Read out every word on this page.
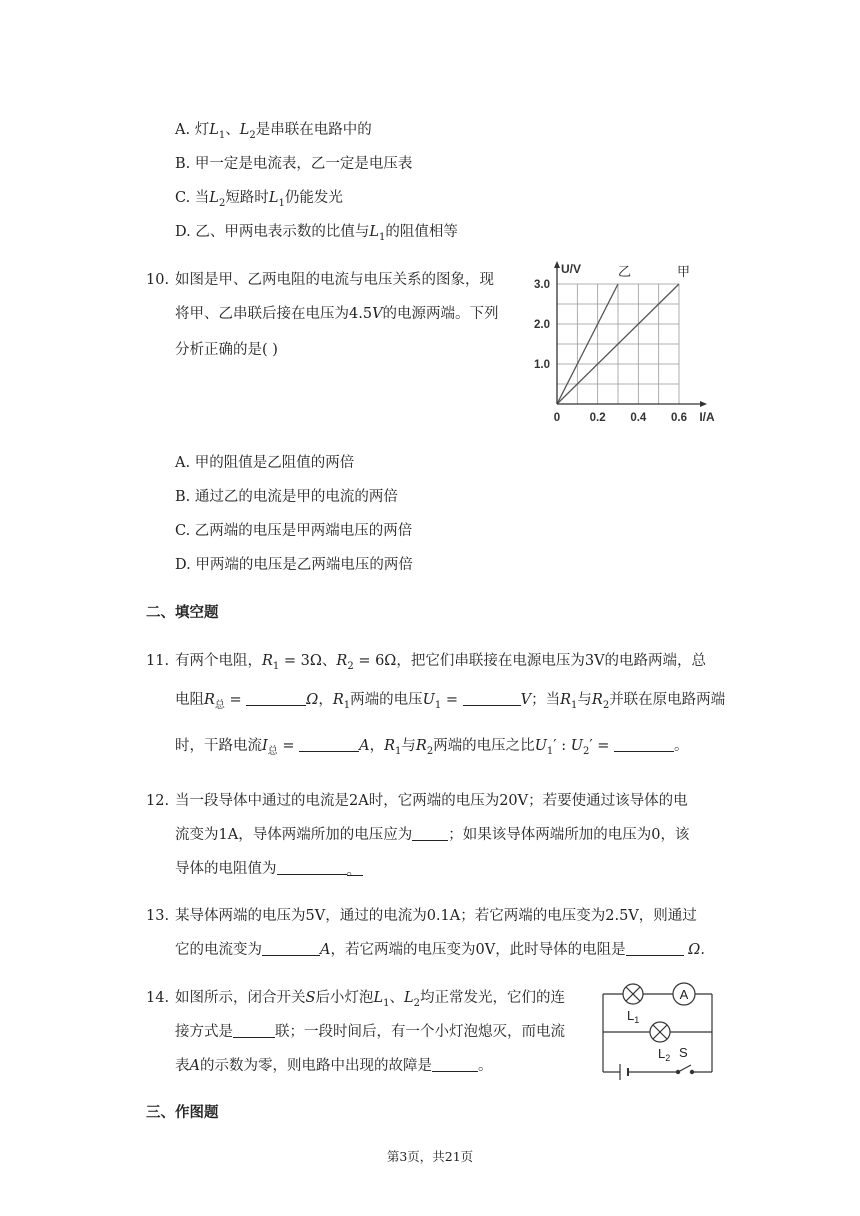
A. 灯$L_1$、$L_2$是串联在电路中的
B. 甲一定是电流表，乙一定是电压表
C. 当$L_2$短路时$L_1$仍能发光
D. 乙、甲两电表示数的比值与$L_1$的阻值相等
10. 如图是甲、乙两电阻的电流与电压关系的图象，现
将甲、乙串联后接在电压为4.5V的电源两端。下列
分析正确的是( )
乙	甲
0	0.2 0.4 0.6
1.0
2.0
3.0
I/A
U/V
A. 甲的阻值是乙阻值的两倍
B. 通过乙的电流是甲的电流的两倍
C. 乙两端的电压是甲两端电压的两倍
D. 甲两端的电压是乙两端电压的两倍
二、填空题
11. 有两个电阻，$R_1 = 3\Omega$、$R_2 = 6\Omega$，把它们串联接在电源电压为3V的电路两端，总
电阻$R_总$ =	Ω，$R_1$两端的电压$U_1$ =	V；当$R_1$与$R_2$并联在原电路两端
时，干路电流$I_总$ =	A，$R_1$与$R_2$两端的电压之比$U_1'$ : $U_2'$ =	。
12. 当一段导体中通过的电流是2A时，它两端的电压为20V；若要使通过该导体的电
流变为1A，导体两端所加的电压应为 ；如果该导体两端所加的电压为0，该
导体的电阻值为	。
13. 某导体两端的电压为5V，通过的电流为0.1A；若它两端的电压变为2.5V，则通过
它的电流变为	A，若它两端的电压变为0V，此时导体的电阻是	Ω.
14. 如图所示，闭合开关S后小灯泡$L_1$、$L_2$均正常发光，它们的连
接方式是	联；一段时间后，有一个小灯泡熄灭，而电流
表A的示数为零，则电路中出现的故障是	。
A
$L_1$
$L_2$ S
三、作图题
第3页，共21页
